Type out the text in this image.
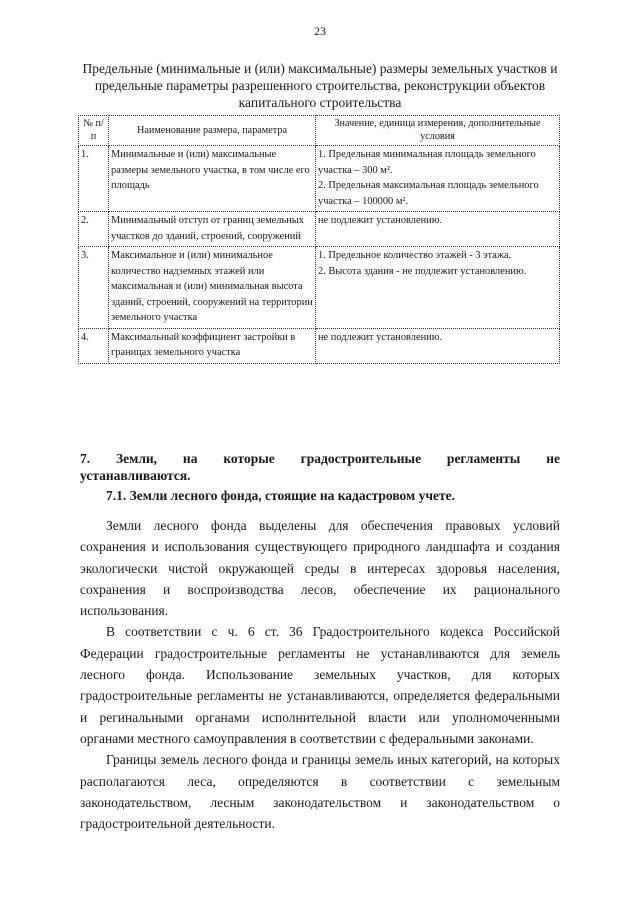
23
Предельные (минимальные и (или) максимальные) размеры земельных участков и предельные параметры разрешенного строительства, реконструкции объектов капитального строительства
№ п/п	Наименование размера, параметра	Значение, единица измерения, дополнительные условия
1.	Минимальные и (или) максимальные размеры земельного участка, в том числе его площадь	1. Предельная минимальная площадь земельного участка – 300 м².
2. Предельная максимальная площадь земельного участка – 100000 м².

2.	Минимальный отступ от границ земельных участков до зданий, строений, сооружений	не подлежит установлению.

3.	Максимальное и (или) минимальное количество надземных этажей или максимальная и (или) минимальная высота зданий, строений, сооружений на территории земельного участка	1. Предельное количество этажей - 3 этажа.
2. Высота здания - не подлежит установлению.

4.	Максимальный коэффициент застройки в границах земельного участка	не подлежит установлению.
7. Земли, на которые градостроительные регламенты не
устанавливаются.
7.1. Земли лесного фонда, стоящие на кадастровом учете.

Земли лесного фонда выделены для обеспечения правовых условий сохранения и использования существующего природного ландшафта и создания экологически чистой окружающей среды в интересах здоровья населения, сохранения и воспроизводства лесов, обеспечение их рационального использования.

В соответствии с ч. 6 ст. 36 Градостроительного кодекса Российской Федерации градостроительные регламенты не устанавливаются для земель лесного фонда. Использование земельных участков, для которых градостроительные регламенты не устанавливаются, определяется федеральными и регинальными органами исполнительной власти или уполномоченными органами местного самоуправления в соответствии с федеральными законами.

Границы земель лесного фонда и границы земель иных категорий, на которых располагаются леса, определяются в соответствии с земельным законодательством, лесным законодательством и законодательством о градостроительной деятельности.
